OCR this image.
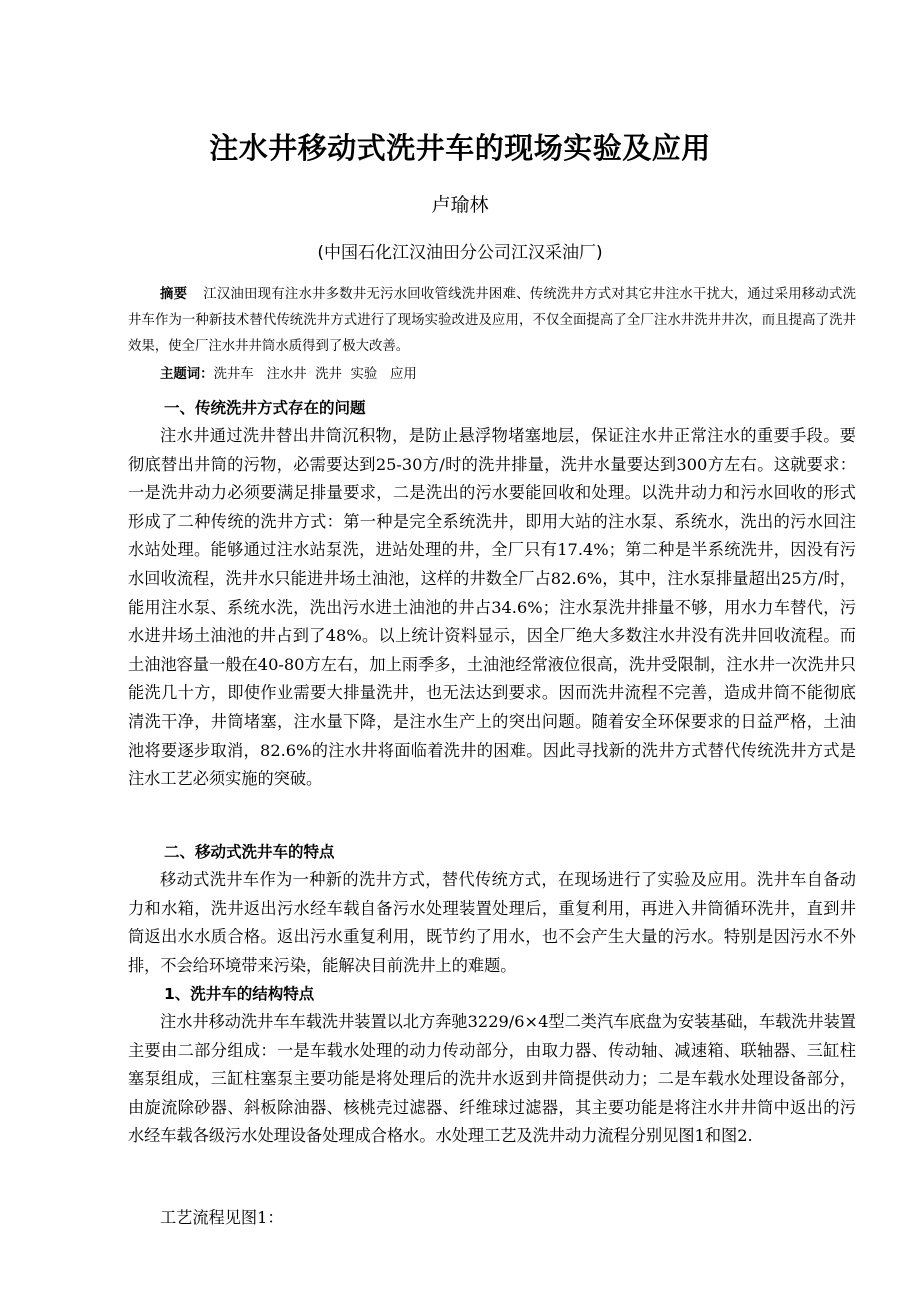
注水井移动式洗井车的现场实验及应用

卢瑜林

(中国石化江汉油田分公司江汉采油厂)

摘要 江汉油田现有注水井多数井无污水回收管线洗井困难、传统洗井方式对其它井注水干扰大，通过采用移动式洗井车作为一种新技术替代传统洗井方式进行了现场实验改进及应用，不仅全面提高了全厂注水井洗井井次，而且提高了洗井效果，使全厂注水井井筒水质得到了极大改善。

主题词：洗井车   注水井  洗井  实验   应用

一、传统洗井方式存在的问题

注水井通过洗井替出井筒沉积物，是防止悬浮物堵塞地层，保证注水井正常注水的重要手段。要彻底替出井筒的污物，必需要达到25-30方/时的洗井排量，洗井水量要达到300方左右。这就要求：一是洗井动力必须要满足排量要求，二是洗出的污水要能回收和处理。以洗井动力和污水回收的形式形成了二种传统的洗井方式：第一种是完全系统洗井，即用大站的注水泵、系统水，洗出的污水回注水站处理。能够通过注水站泵洗，进站处理的井，全厂只有17.4%；第二种是半系统洗井，因没有污水回收流程，洗井水只能进井场土油池，这样的井数全厂占82.6%，其中，注水泵排量超出25方/时，能用注水泵、系统水洗，洗出污水进土油池的井占34.6%；注水泵洗井排量不够，用水力车替代，污水进井场土油池的井占到了48%。以上统计资料显示，因全厂绝大多数注水井没有洗井回收流程。而土油池容量一般在40-80方左右，加上雨季多，土油池经常液位很高，洗井受限制，注水井一次洗井只能洗几十方，即使作业需要大排量洗井，也无法达到要求。因而洗井流程不完善，造成井筒不能彻底清洗干净，井筒堵塞，注水量下降，是注水生产上的突出问题。随着安全环保要求的日益严格，土油池将要逐步取消，82.6%的注水井将面临着洗井的困难。因此寻找新的洗井方式替代传统洗井方式是注水工艺必须实施的突破。

二、移动式洗井车的特点

移动式洗井车作为一种新的洗井方式，替代传统方式，在现场进行了实验及应用。洗井车自备动力和水箱，洗井返出污水经车载自备污水处理装置处理后，重复利用，再进入井筒循环洗井，直到井筒返出水水质合格。返出污水重复利用，既节约了用水，也不会产生大量的污水。特别是因污水不外排，不会给环境带来污染，能解决目前洗井上的难题。

1、洗井车的结构特点

注水井移动洗井车车载洗井装置以北方奔驰3229/6×4型二类汽车底盘为安装基础，车载洗井装置主要由二部分组成：一是车载水处理的动力传动部分，由取力器、传动轴、减速箱、联轴器、三缸柱塞泵组成，三缸柱塞泵主要功能是将处理后的洗井水返到井筒提供动力；二是车载水处理设备部分，由旋流除砂器、斜板除油器、核桃壳过滤器、纤维球过滤器，其主要功能是将注水井井筒中返出的污水经车载各级污水处理设备处理成合格水。水处理工艺及洗井动力流程分别见图1和图2.

工艺流程见图1：
